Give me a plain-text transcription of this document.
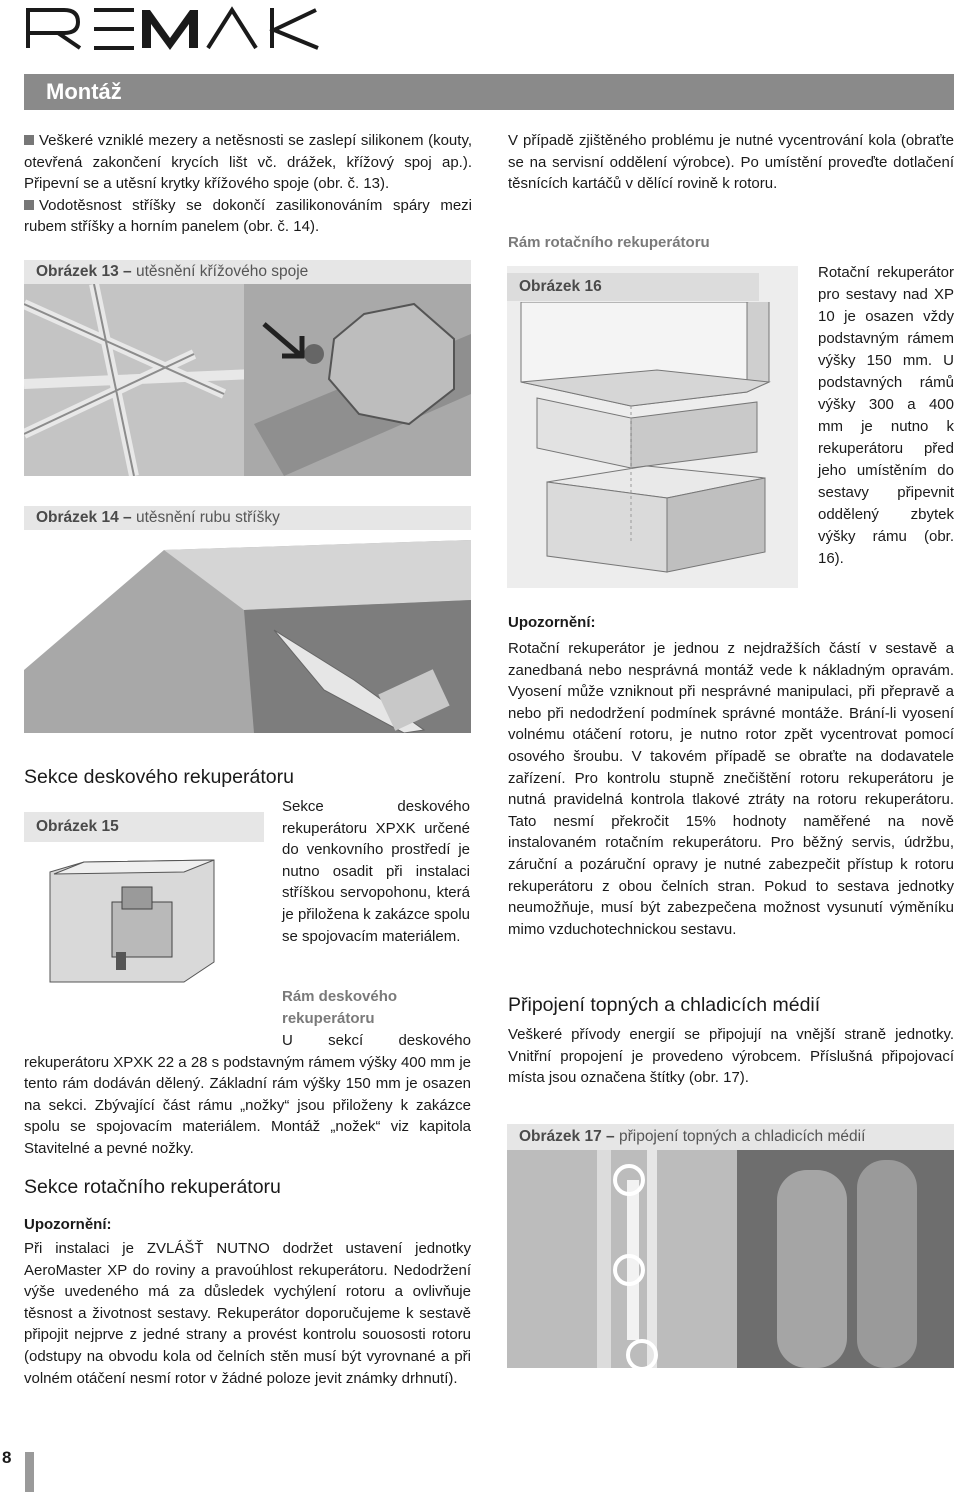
Montáž
Veškeré vzniklé mezery a netěsnosti se zaslepí silikonem (kouty, otevřená zakončení krycích lišt vč. drážek, křížový spoj ap.). Připevní se a utěsní krytky křížového spoje (obr. č. 13).
Vodotěsnost stříšky se dokončí zasilikonováním spáry mezi rubem stříšky a horním panelem (obr. č. 14).
Obrázek 13 – utěsnění křížového spoje
Obrázek 14 – utěsnění rubu stříšky
Sekce deskového rekuperátoru
Obrázek 15
Sekce deskového rekuperátoru XPXK určené do venkovního prostředí je nutno osadit při instalaci stříškou servopohonu, která je přiložena k zakázce spolu se spojovacím materiálem.
Rám deskového rekuperátoru
U sekcí deskového rekuperátoru XPXK 22 a 28 s podstavným rámem výšky 400 mm je tento rám dodáván dělený. Základní rám výšky 150 mm je osazen na sekci. Zbývající část rámu „nožky“ jsou přiloženy k zakázce spolu se spojovacím materiálem. Montáž „nožek“ viz kapitola Stavitelné a pevné nožky.
Sekce rotačního rekuperátoru
Upozornění:
Při instalaci je ZVLÁŠŤ NUTNO dodržet ustavení jednotky AeroMaster XP do roviny a pravoúhlost rekuperátoru. Nedodržení výše uvedeného má za důsledek vychýlení rotoru a ovlivňuje těsnost a životnost sestavy. Rekuperátor doporučujeme k sestavě připojit nejprve z jedné strany a provést kontrolu souososti rotoru (odstupy na obvodu kola od čelních stěn musí být vyrovnané a při volném otáčení nesmí rotor v žádné poloze jevit známky drhnutí).
V případě zjištěného problému je nutné vycentrování kola (obraťte se na servisní oddělení výrobce). Po umístění proveďte dotlačení těsnících kartáčů v dělící rovině k rotoru.
Rám rotačního rekuperátoru
Obrázek 16
Rotační rekuperátor pro sestavy nad XP 10 je osazen vždy podstavným rámem výšky 150 mm. U podstavných rámů výšky 300 a 400 mm je nutno k rekuperátoru před jeho umístěním do sestavy připevnit oddělený zbytek výšky rámu (obr. 16).
Upozornění:
Rotační rekuperátor je jednou z nejdražších částí v sestavě a zanedbaná nebo nesprávná montáž vede k nákladným opravám. Vyosení může vzniknout při nesprávné manipulaci, při přepravě a nebo při nedodržení podmínek správné montáže. Brání-li vyosení volnému otáčení rotoru, je nutno rotor zpět vycentrovat pomocí osového šroubu. V takovém případě se obraťte na dodavatele zařízení. Pro kontrolu stupně znečištění rotoru rekuperátoru je nutná pravidelná kontrola tlakové ztráty na rotoru rekuperátoru. Tato nesmí překročit 15% hodnoty naměřené na nově instalovaném rotačním rekuperátoru. Pro běžný servis, údržbu, záruční a pozáruční opravy je nutné zabezpečit přístup k rotoru rekuperátoru z obou čelních stran. Pokud to sestava jednotky neumožňuje, musí být zabezpečena možnost vysunutí výměníku mimo vzduchotechnickou sestavu.
Připojení topných a chladicích médií
Veškeré přívody energií se připojují na vnější straně jednotky. Vnitřní propojení je provedeno výrobcem. Příslušná připojovací místa jsou označena štítky (obr. 17).
Obrázek 17 – připojení topných a chladicích médií
8
